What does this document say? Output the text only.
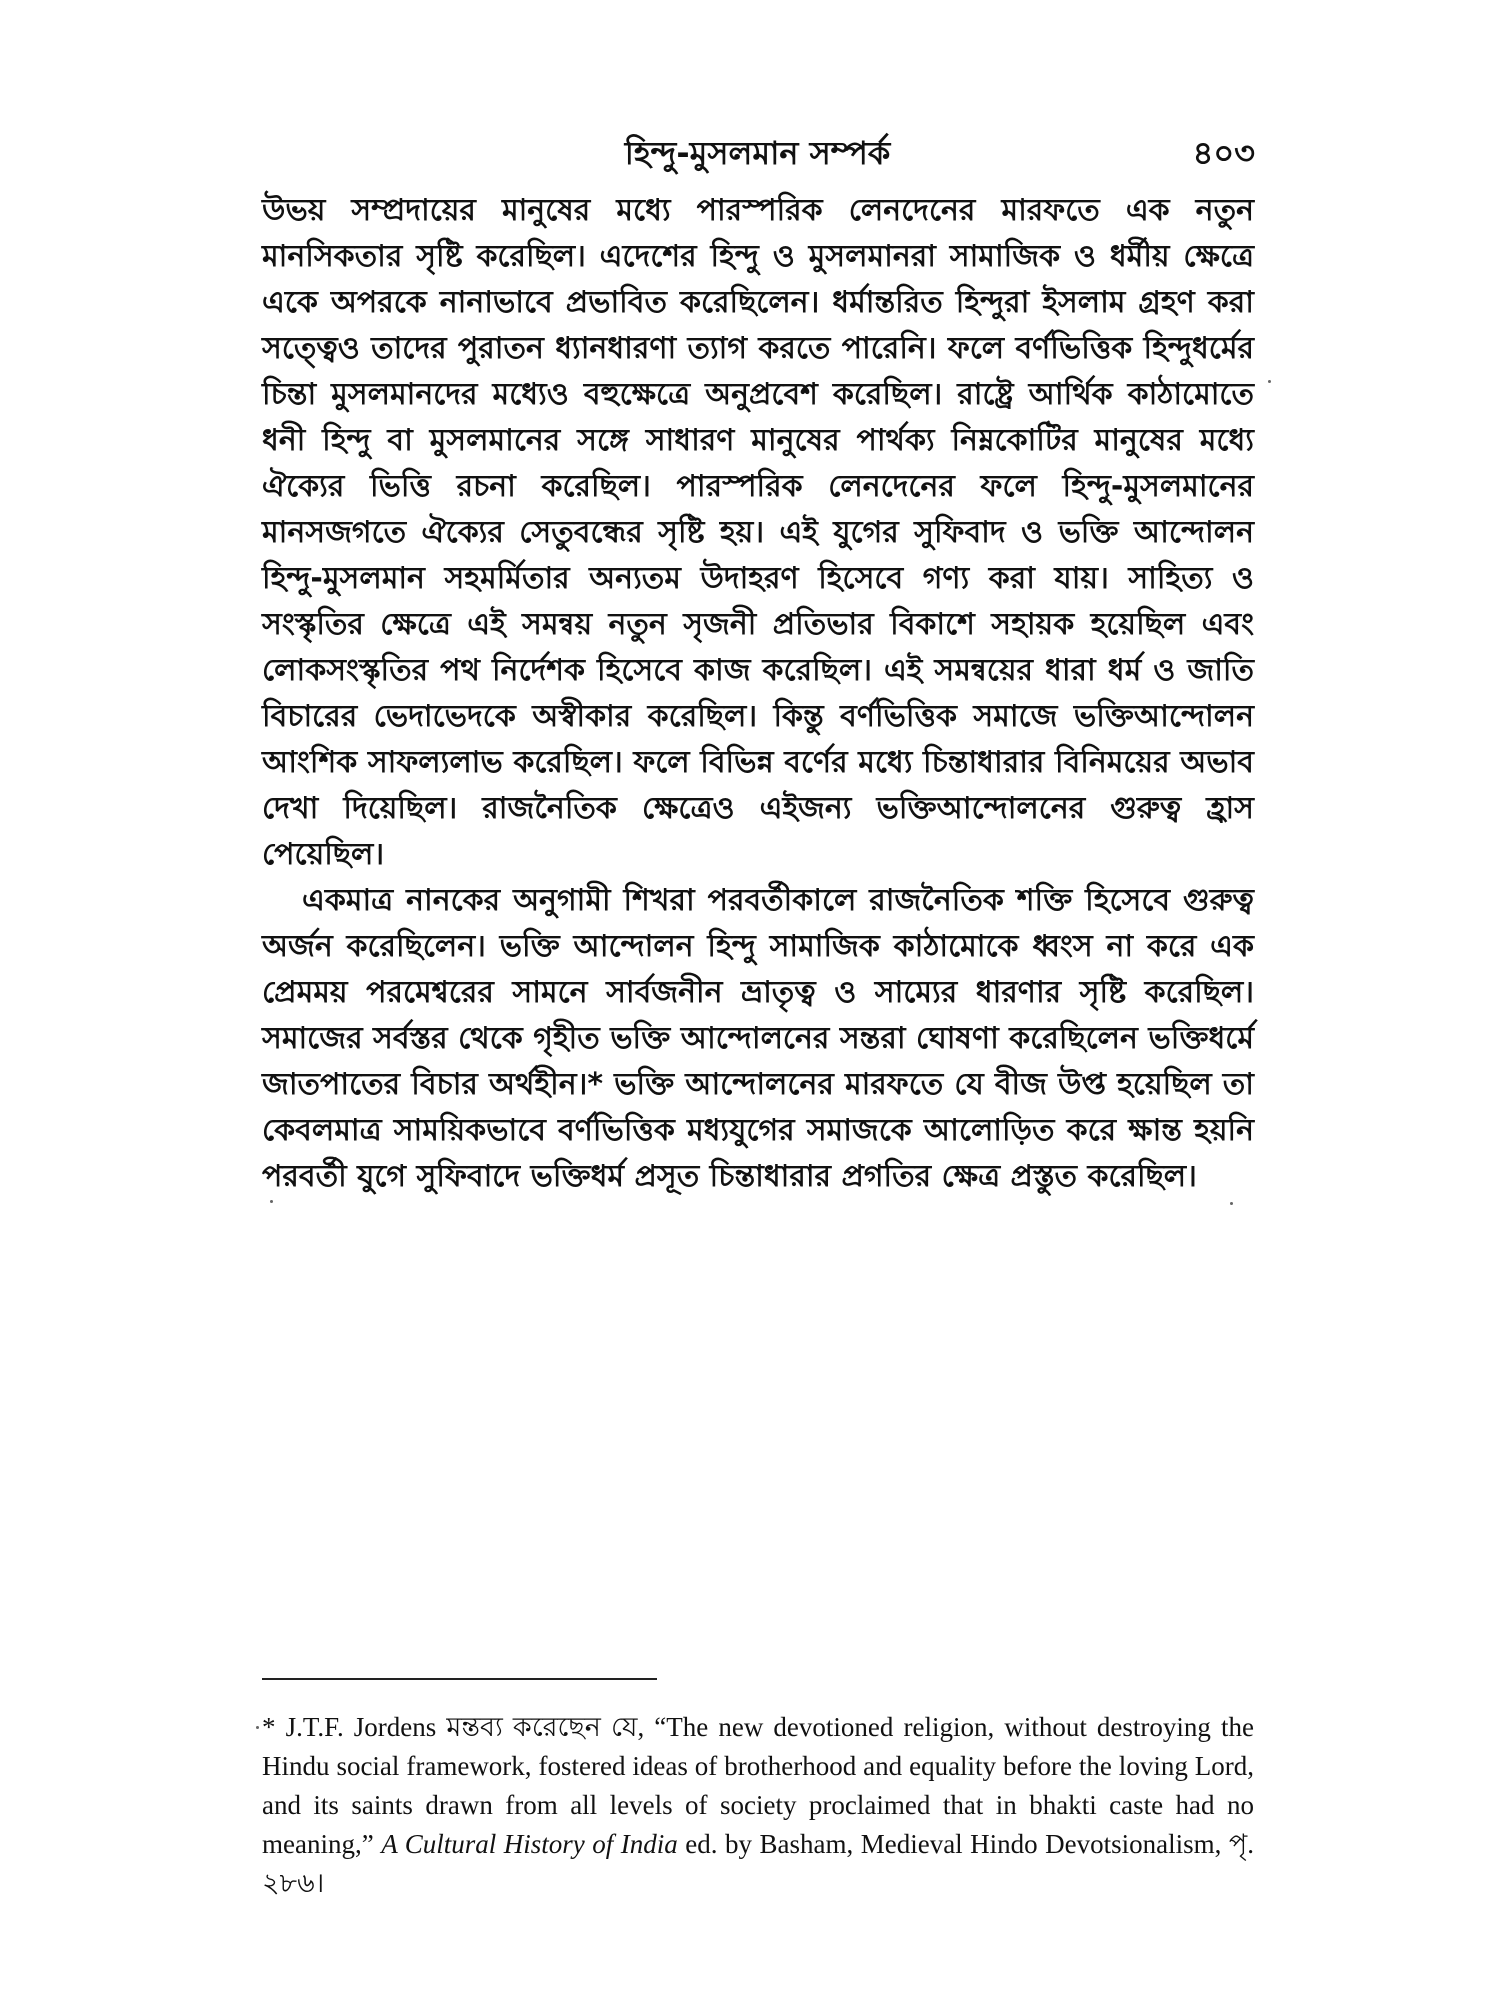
হিন্দু-মুসলমান সম্পর্ক	৪০৩

উভয় সম্প্রদায়ের মানুষের মধ্যে পারস্পরিক লেনদেনের মারফতে এক নতুন মানসিকতার সৃষ্টি করেছিল। এদেশের হিন্দু ও মুসলমানরা সামাজিক ও ধর্মীয় ক্ষেত্রে একে অপরকে নানাভাবে প্রভাবিত করেছিলেন। ধর্মান্তরিত হিন্দুরা ইসলাম গ্রহণ করা সত্ত্বেও তাদের পুরাতন ধ্যানধারণা ত্যাগ করতে পারেনি। ফলে বর্ণভিত্তিক হিন্দুধর্মের চিন্তা মুসলমানদের মধ্যেও বহুক্ষেত্রে অনুপ্রবেশ করেছিল। রাষ্ট্রে আর্থিক কাঠামোতে ধনী হিন্দু বা মুসলমানের সঙ্গে সাধারণ মানুষের পার্থক্য নিম্নকোটির মানুষের মধ্যে ঐক্যের ভিত্তি রচনা করেছিল। পারস্পরিক লেনদেনের ফলে হিন্দু-মুসলমানের মানসজগতে ঐক্যের সেতুবন্ধের সৃষ্টি হয়। এই যুগের সুফিবাদ ও ভক্তি আন্দোলন হিন্দু-মুসলমান সহমর্মিতার অন্যতম উদাহরণ হিসেবে গণ্য করা যায়। সাহিত্য ও সংস্কৃতির ক্ষেত্রে এই সমন্বয় নতুন সৃজনী প্রতিভার বিকাশে সহায়ক হয়েছিল এবং লোকসংস্কৃতির পথ নির্দেশক হিসেবে কাজ করেছিল। এই সমন্বয়ের ধারা ধর্ম ও জাতি বিচারের ভেদাভেদকে অস্বীকার করেছিল। কিন্তু বর্ণভিত্তিক সমাজে ভক্তিআন্দোলন আংশিক সাফল্যলাভ করেছিল। ফলে বিভিন্ন বর্ণের মধ্যে চিন্তাধারার বিনিময়ের অভাব দেখা দিয়েছিল। রাজনৈতিক ক্ষেত্রেও এইজন্য ভক্তিআন্দোলনের গুরুত্ব হ্রাস পেয়েছিল।

একমাত্র নানকের অনুগামী শিখরা পরবর্তীকালে রাজনৈতিক শক্তি হিসেবে গুরুত্ব অর্জন করেছিলেন। ভক্তি আন্দোলন হিন্দু সামাজিক কাঠামোকে ধ্বংস না করে এক প্রেমময় পরমেশ্বরের সামনে সার্বজনীন ভ্রাতৃত্ব ও সাম্যের ধারণার সৃষ্টি করেছিল। সমাজের সর্বস্তর থেকে গৃহীত ভক্তি আন্দোলনের সন্তরা ঘোষণা করেছিলেন ভক্তিধর্মে জাতপাতের বিচার অর্থহীন।* ভক্তি আন্দোলনের মারফতে যে বীজ উপ্ত হয়েছিল তা কেবলমাত্র সাময়িকভাবে বর্ণভিত্তিক মধ্যযুগের সমাজকে আলোড়িত করে ক্ষান্ত হয়নি পরবর্তী যুগে সুফিবাদে ভক্তিধর্ম প্রসূত চিন্তাধারার প্রগতির ক্ষেত্র প্রস্তুত করেছিল।

* J.T.F. Jordens মন্তব্য করেছেন যে, “The new devotioned religion, without destroying the Hindu social framework, fostered ideas of brotherhood and equality before the loving Lord, and its saints drawn from all levels of society proclaimed that in bhakti caste had no meaning,” A Cultural History of India ed. by Basham, Medieval Hindo Devotsionalism, পৃ. ২৮৬।
